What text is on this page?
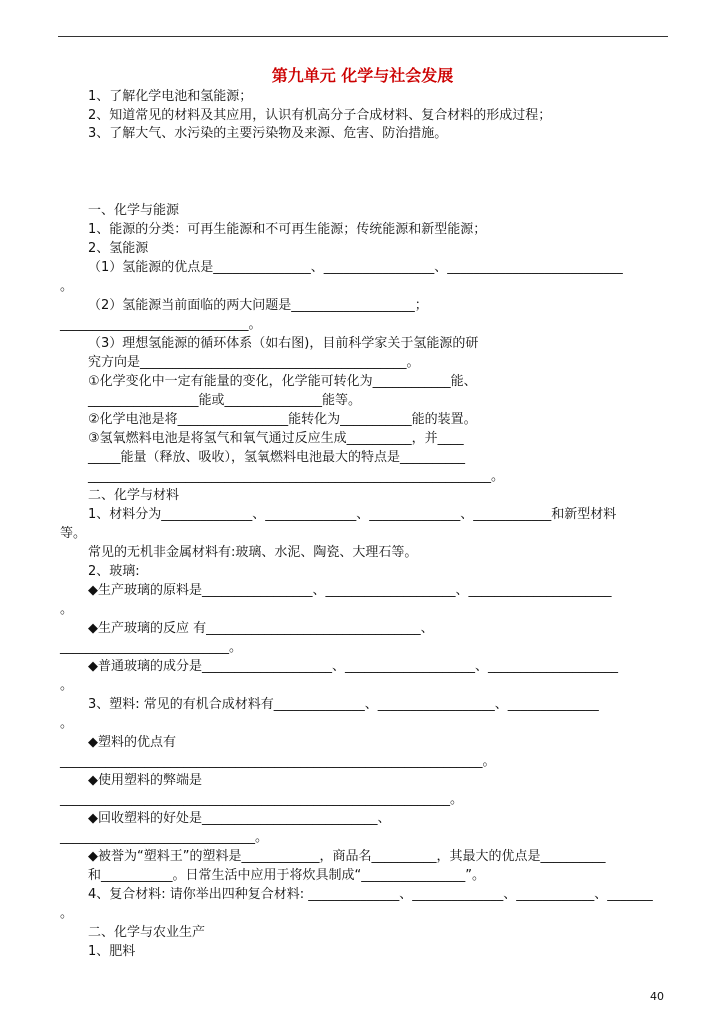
第九单元 化学与社会发展
1、了解化学电池和氢能源；
2、知道常见的材料及其应用，认识有机高分子合成材料、复合材料的形成过程；
3、了解大气、水污染的主要污染物及来源、危害、防治措施。
一、化学与能源
1、能源的分类：可再生能源和不可再生能源；传统能源和新型能源；
2、氢能源
（1）氢能源的优点是_______________、_________________、___________________________
。
（2）氢能源当前面临的两大问题是___________________；
_____________________________。
（3）理想氢能源的循环体系（如右图)，目前科学家关于氢能源的研
究方向是_________________________________________。
①化学变化中一定有能量的变化，化学能可转化为____________能、
_________________能或_______________能等。
②化学电池是将_________________能转化为___________能的装置。
③氢氧燃料电池是将氢气和氧气通过反应生成__________，并____
_____能量（释放、吸收），氢氧燃料电池最大的特点是__________
______________________________________________________________。
二、化学与材料
1、材料分为______________、______________、______________、____________和新型材料
等。
常见的无机非金属材料有:玻璃、水泥、陶瓷、大理石等。
2、玻璃:
◆生产玻璃的原料是_________________、____________________、______________________
。
◆生产玻璃的反应 有_________________________________、
__________________________。
◆普通玻璃的成分是____________________、____________________、____________________
。
3、塑料: 常见的有机合成材料有______________、__________________、______________
。
◆塑料的优点有
_________________________________________________________________。
◆使用塑料的弊端是
____________________________________________________________。
◆回收塑料的好处是___________________________、
______________________________。
◆被誉为“塑料王”的塑料是____________，商品名__________，其最大的优点是__________
和___________。日常生活中应用于将炊具制成“________________”。
4、复合材料: 请你举出四种复合材料: ______________、______________、____________、_______
。
二、化学与农业生产
1、肥料
40
